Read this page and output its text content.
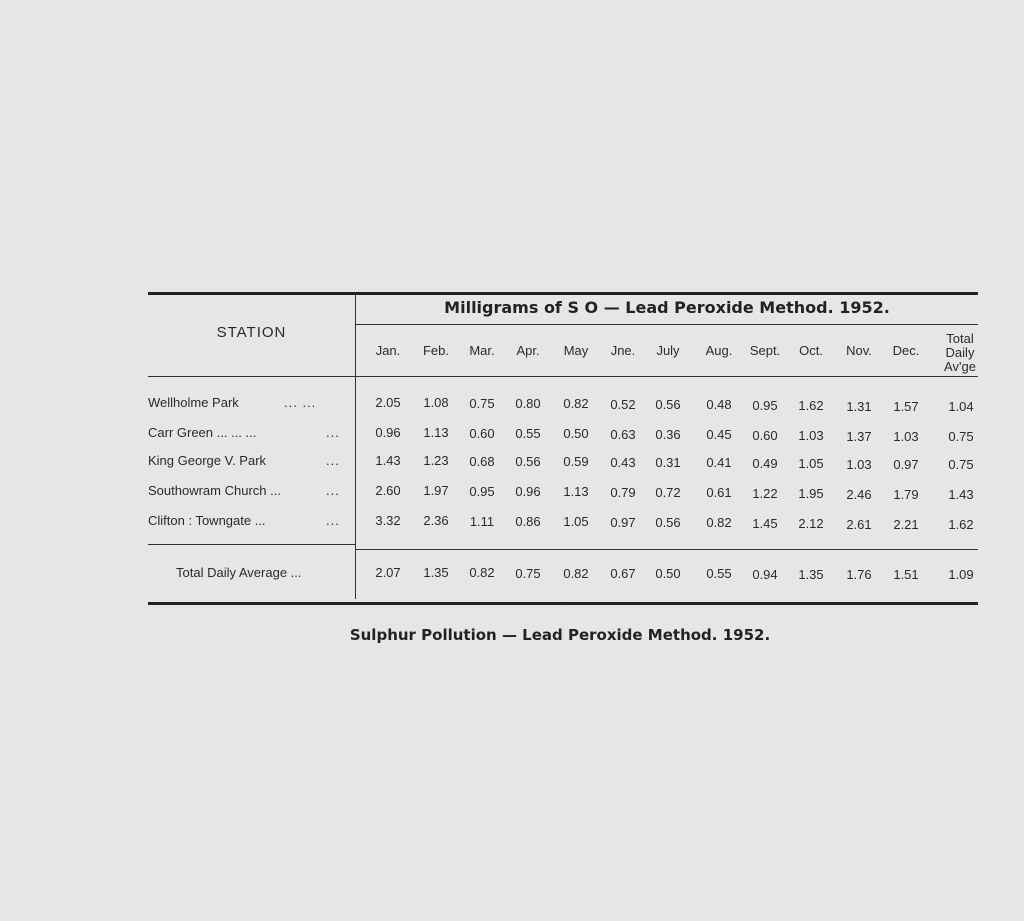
STATION
Milligrams of S O — Lead Peroxide Method. 1952.
Jan.	Feb.	Mar.	Apr.	May	Jne.	July	Aug.	Sept.	Oct.	Nov.	Dec.
Total
Daily
Av'ge
Wellholme Park	... ...	2.05	1.08	0.75	0.80	0.82	0.52	0.56	0.48	0.95	1.62	1.31	1.57	1.04
Carr Green ... ... ...	...	0.96	1.13	0.60	0.55	0.50	0.63	0.36	0.45	0.60	1.03	1.37	1.03	0.75
King George V. Park	...	1.43	1.23	0.68	0.56	0.59	0.43	0.31	0.41	0.49	1.05	1.03	0.97	0.75
Southowram Church ...	...	2.60	1.97	0.95	0.96	1.13	0.79	0.72	0.61	1.22	1.95	2.46	1.79	1.43
Clifton : Towngate ...	...	3.32	2.36	1.11	0.86	1.05	0.97	0.56	0.82	1.45	2.12	2.61	2.21	1.62
Total Daily Average ...	2.07	1.35	0.82	0.75	0.82	0.67	0.50	0.55	0.94	1.35	1.76	1.51	1.09
Sulphur Pollution — Lead Peroxide Method. 1952.
